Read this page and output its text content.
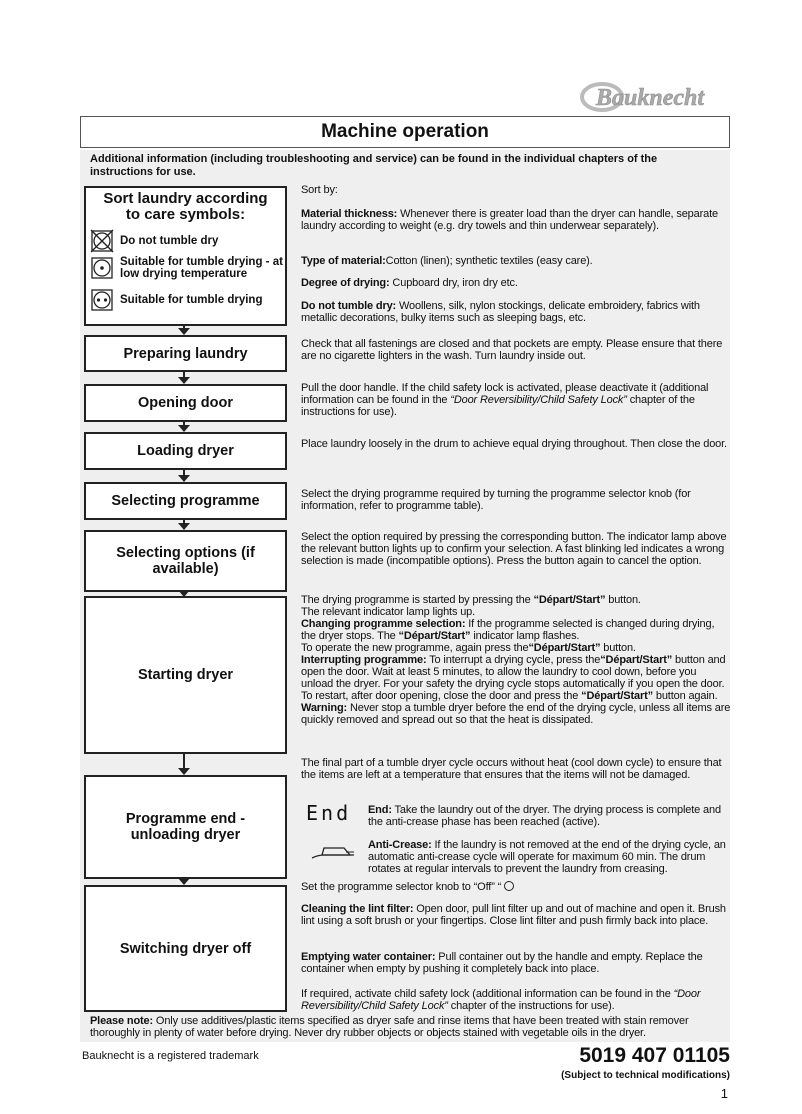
Bauknecht
Machine operation
Additional information (including troubleshooting and service) can be found in the individual chapters of the instructions for use.
Sort laundry according to care symbols:
Do not tumble dry
Suitable for tumble drying - at low drying temperature
Suitable for tumble drying
Preparing laundry
Opening door
Loading dryer
Selecting programme
Selecting options (if available)
Starting dryer
Programme end - unloading dryer
Switching dryer off
Sort by:
Material thickness: Whenever there is greater load than the dryer can handle, separate laundry according to weight (e.g. dry towels and thin underwear separately).
Type of material:Cotton (linen); synthetic textiles (easy care).
Degree of drying: Cupboard dry, iron dry etc.
Do not tumble dry: Woollens, silk, nylon stockings, delicate embroidery, fabrics with metallic decorations, bulky items such as sleeping bags, etc.
Check that all fastenings are closed and that pockets are empty. Please ensure that there are no cigarette lighters in the wash. Turn laundry inside out.
Pull the door handle. If the child safety lock is activated, please deactivate it (additional information can be found in the “Door Reversibility/Child Safety Lock” chapter of the instructions for use).
Place laundry loosely in the drum to achieve equal drying throughout. Then close the door.
Select the drying programme required by turning the programme selector knob (for information, refer to programme table).
Select the option required by pressing the corresponding button. The indicator lamp above the relevant button lights up to confirm your selection. A fast blinking led indicates a wrong selection is made (incompatible options). Press the button again to cancel the option.
The drying programme is started by pressing the “Départ/Start” button.
The relevant indicator lamp lights up.
Changing programme selection: If the programme selected is changed during drying, the dryer stops. The “Départ/Start” indicator lamp flashes.
To operate the new programme, again press the“Départ/Start” button.
Interrupting programme: To interrupt a drying cycle, press the“Départ/Start” button and open the door. Wait at least 5 minutes, to allow the laundry to cool down, before you unload the dryer. For your safety the drying cycle stops automatically if you open the door. To restart, after door opening, close the door and press the “Départ/Start” button again.
Warning: Never stop a tumble dryer before the end of the drying cycle, unless all items are quickly removed and spread out so that the heat is dissipated.
The final part of a tumble dryer cycle occurs without heat (cool down cycle) to ensure that the items are left at a temperature that ensures that the items will not be damaged.
End End: Take the laundry out of the dryer. The drying process is complete and the anti-crease phase has been reached (active).
Anti-Crease: If the laundry is not removed at the end of the drying cycle, an automatic anti-crease cycle will operate for maximum 60 min. The drum rotates at regular intervals to prevent the laundry from creasing.
Set the programme selector knob to “Off” “
Cleaning the lint filter: Open door, pull lint filter up and out of machine and open it. Brush lint using a soft brush or your fingertips. Close lint filter and push firmly back into place.
Emptying water container: Pull container out by the handle and empty. Replace the container when empty by pushing it completely back into place.
If required, activate child safety lock (additional information can be found in the “Door Reversibility/Child Safety Lock” chapter of the instructions for use).
Please note: Only use additives/plastic items specified as dryer safe and rinse items that have been treated with stain remover thoroughly in plenty of water before drying. Never dry rubber objects or objects stained with vegetable oils in the dryer.
Bauknecht is a registered trademark	5019 407 01105
(Subject to technical modifications)
1
